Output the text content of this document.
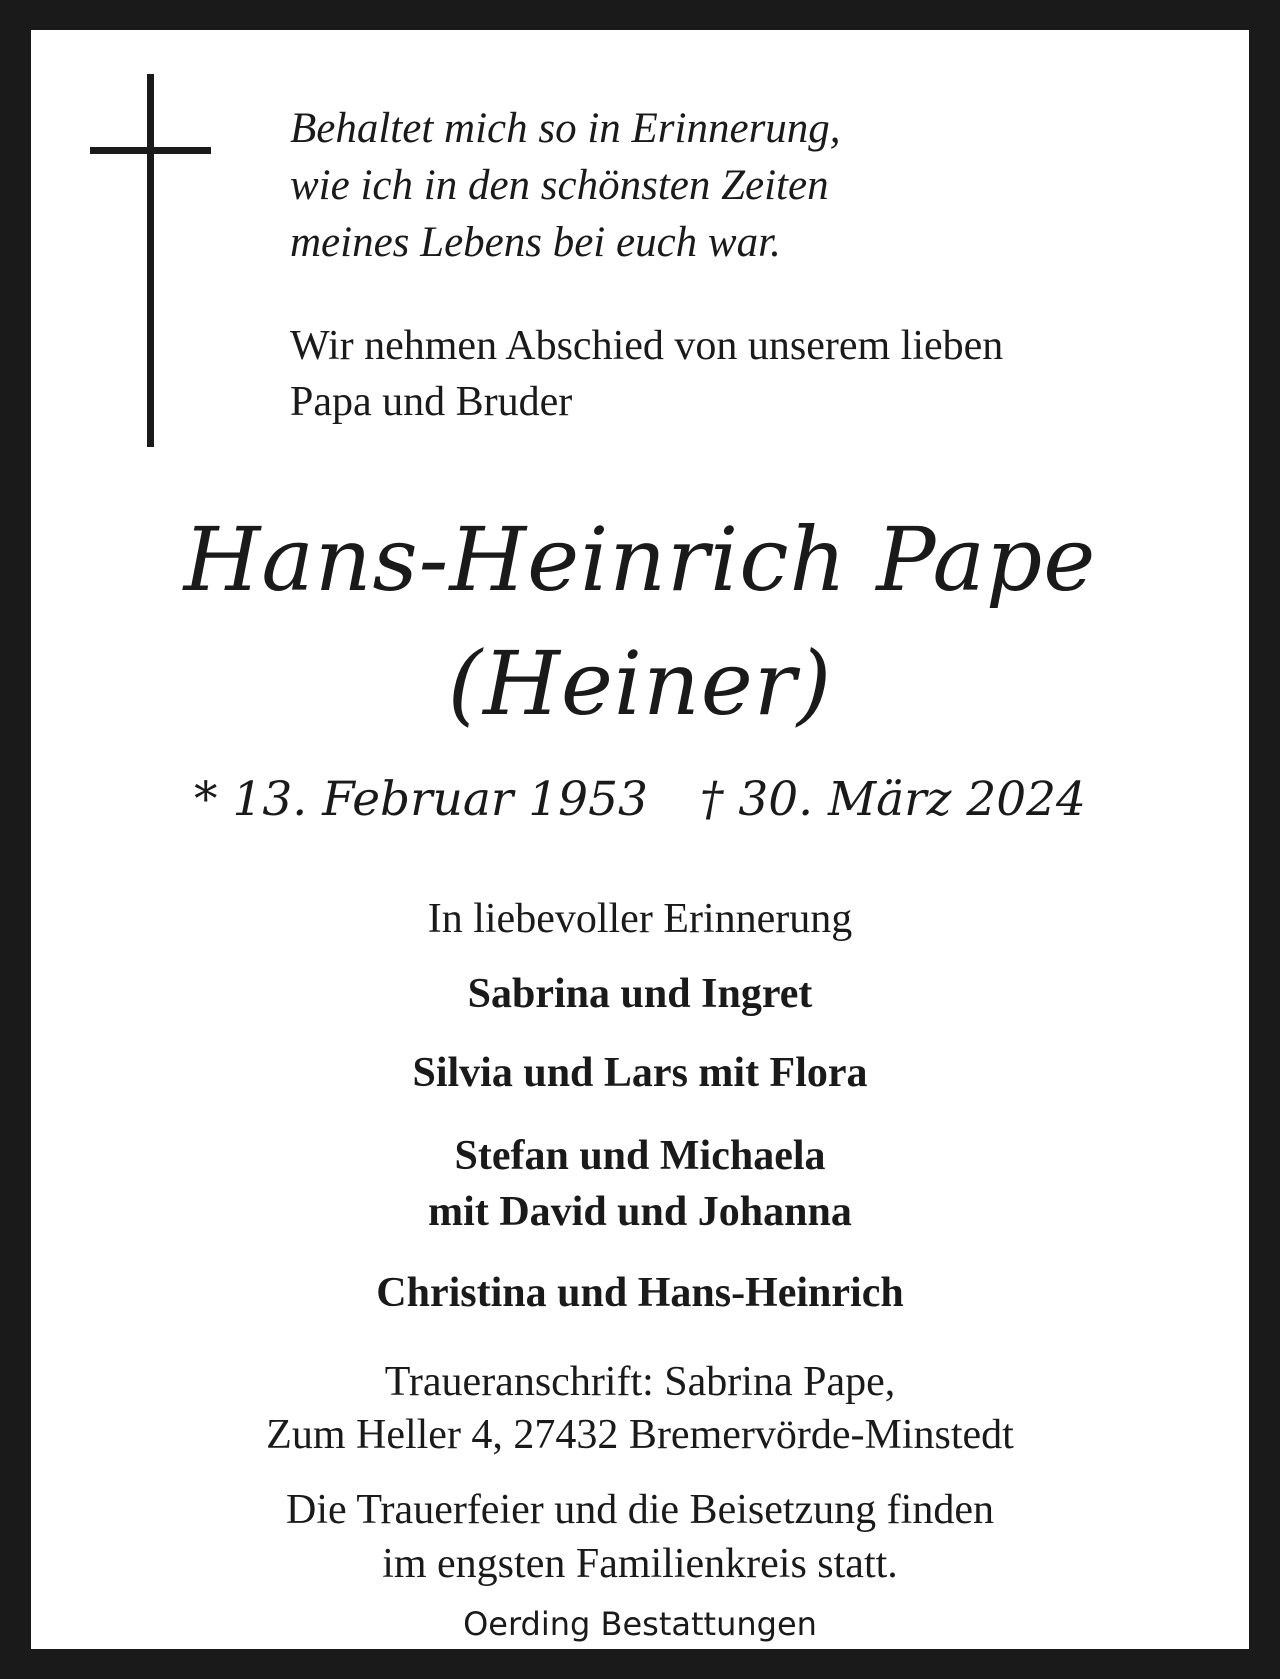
Behaltet mich so in Erinnerung,
wie ich in den schönsten Zeiten
meines Lebens bei euch war.
Wir nehmen Abschied von unserem lieben
Papa und Bruder
Hans-Heinrich Pape
(Heiner)
* 13. Februar 1953 † 30. März 2024
In liebevoller Erinnerung
Sabrina und Ingret
Silvia und Lars mit Flora
Stefan und Michaela
mit David und Johanna
Christina und Hans-Heinrich
Traueranschrift: Sabrina Pape,
Zum Heller 4, 27432 Bremervörde-Minstedt
Die Trauerfeier und die Beisetzung finden
im engsten Familienkreis statt.
Oerding Bestattungen
